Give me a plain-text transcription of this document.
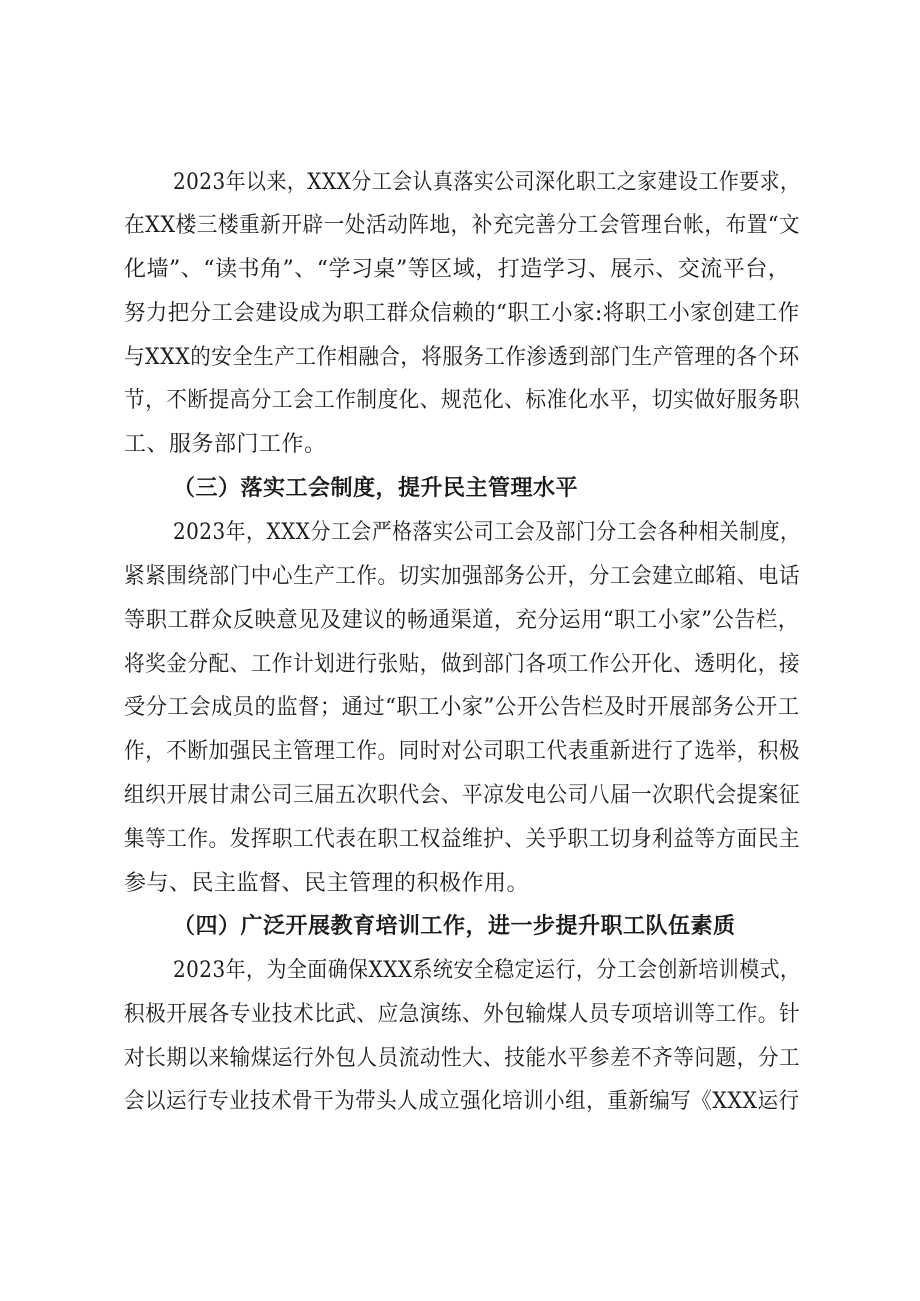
2023年以来，XXX分工会认真落实公司深化职工之家建设工作要求，
在XX楼三楼重新开辟一处活动阵地，补充完善分工会管理台帐，布置“文
化墙”、“读书角”、“学习桌”等区域，打造学习、展示、交流平台，
努力把分工会建设成为职工群众信赖的“职工小家:将职工小家创建工作
与XXX的安全生产工作相融合，将服务工作渗透到部门生产管理的各个环
节，不断提高分工会工作制度化、规范化、标准化水平，切实做好服务职
工、服务部门工作。
（三）落实工会制度，提升民主管理水平
2023年，XXX分工会严格落实公司工会及部门分工会各种相关制度，
紧紧围绕部门中心生产工作。切实加强部务公开，分工会建立邮箱、电话
等职工群众反映意见及建议的畅通渠道，充分运用“职工小家”公告栏，
将奖金分配、工作计划进行张贴，做到部门各项工作公开化、透明化，接
受分工会成员的监督；通过“职工小家”公开公告栏及时开展部务公开工
作，不断加强民主管理工作。同时对公司职工代表重新进行了选举，积极
组织开展甘肃公司三届五次职代会、平凉发电公司八届一次职代会提案征
集等工作。发挥职工代表在职工权益维护、关乎职工切身利益等方面民主
参与、民主监督、民主管理的积极作用。
（四）广泛开展教育培训工作，进一步提升职工队伍素质
2023年，为全面确保XXX系统安全稳定运行，分工会创新培训模式，
积极开展各专业技术比武、应急演练、外包输煤人员专项培训等工作。针
对长期以来输煤运行外包人员流动性大、技能水平参差不齐等问题，分工
会以运行专业技术骨干为带头人成立强化培训小组，重新编写《XXX运行
